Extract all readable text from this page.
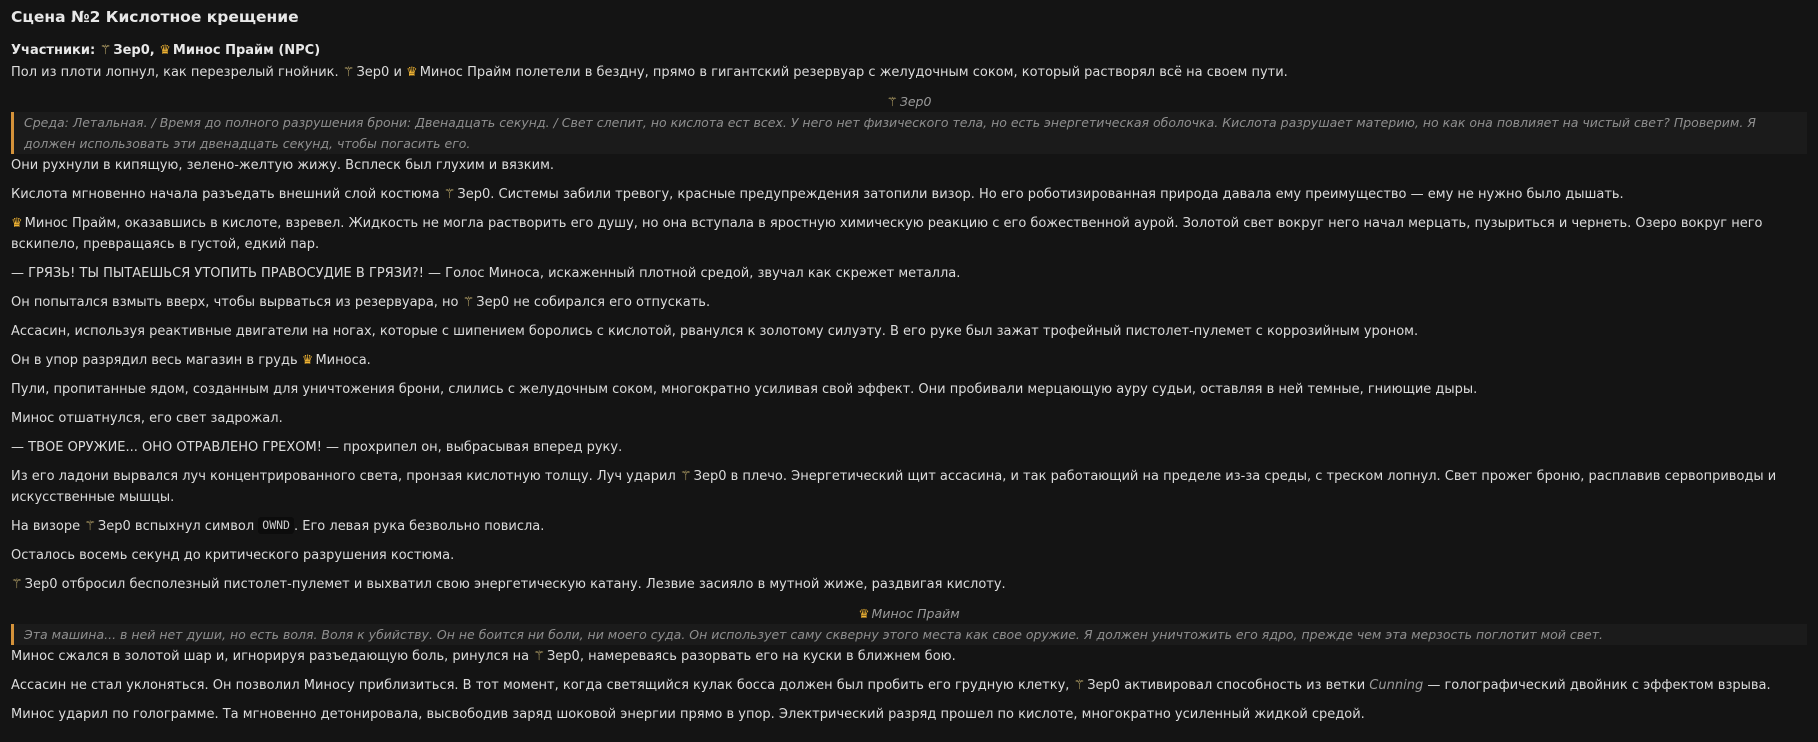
Сцена №2 Кислотное крещение
Участники: ⚚ Зер0, ♛ Минос Прайм (NPC)

Пол из плоти лопнул, как перезрелый гнойник. ⚚ Зер0 и ♛ Минос Прайм полетели в бездну, прямо в гигантский резервуар с желудочным соком, который растворял всё на своем пути.

⚚ Зер0
Среда: Летальная. / Время до полного разрушения брони: Двенадцать секунд. / Свет слепит, но кислота ест всех. У него нет физического тела, но есть энергетическая оболочка. Кислота разрушает материю, но как она повлияет на чистый свет? Проверим. Я должен использовать эти двенадцать секунд, чтобы погасить его.

Они рухнули в кипящую, зелено-желтую жижу. Всплеск был глухим и вязким.

Кислота мгновенно начала разъедать внешний слой костюма ⚚ Зер0. Системы забили тревогу, красные предупреждения затопили визор. Но его роботизированная природа давала ему преимущество — ему не нужно было дышать.

♛ Минос Прайм, оказавшись в кислоте, взревел. Жидкость не могла растворить его душу, но она вступала в яростную химическую реакцию с его божественной аурой. Золотой свет вокруг него начал мерцать, пузыриться и чернеть. Озеро вокруг него вскипело, превращаясь в густой, едкий пар.

— ГРЯЗЬ! ТЫ ПЫТАЕШЬСЯ УТОПИТЬ ПРАВОСУДИЕ В ГРЯЗИ?! — Голос Миноса, искаженный плотной средой, звучал как скрежет металла.

Он попытался взмыть вверх, чтобы вырваться из резервуара, но ⚚ Зер0 не собирался его отпускать.

Ассасин, используя реактивные двигатели на ногах, которые с шипением боролись с кислотой, рванулся к золотому силуэту. В его руке был зажат трофейный пистолет-пулемет с коррозийным уроном.

Он в упор разрядил весь магазин в грудь ♛ Миноса.

Пули, пропитанные ядом, созданным для уничтожения брони, слились с желудочным соком, многократно усиливая свой эффект. Они пробивали мерцающую ауру судьи, оставляя в ней темные, гниющие дыры.

Минос отшатнулся, его свет задрожал.

— ТВОЕ ОРУЖИЕ... ОНО ОТРАВЛЕНО ГРЕХОМ! — прохрипел он, выбрасывая вперед руку.

Из его ладони вырвался луч концентрированного света, пронзая кислотную толщу. Луч ударил ⚚ Зер0 в плечо. Энергетический щит ассасина, и так работающий на пределе из-за среды, с треском лопнул. Свет прожег броню, расплавив сервоприводы и искусственные мышцы.

На визоре ⚚ Зер0 вспыхнул символ OWND . Его левая рука безвольно повисла.

Осталось восемь секунд до критического разрушения костюма.

⚚ Зер0 отбросил бесполезный пистолет-пулемет и выхватил свою энергетическую катану. Лезвие засияло в мутной жиже, раздвигая кислоту.

♛ Минос Прайм
Эта машина... в ней нет души, но есть воля. Воля к убийству. Он не боится ни боли, ни моего суда. Он использует саму скверну этого места как свое оружие. Я должен уничтожить его ядро, прежде чем эта мерзость поглотит мой свет.

Минос сжался в золотой шар и, игнорируя разъедающую боль, ринулся на ⚚ Зер0, намереваясь разорвать его на куски в ближнем бою.

Ассасин не стал уклоняться. Он позволил Миносу приблизиться. В тот момент, когда светящийся кулак босса должен был пробить его грудную клетку, ⚚ Зер0 активировал способность из ветки Cunning — голографический двойник с эффектом взрыва.

Минос ударил по голограмме. Та мгновенно детонировала, высвободив заряд шоковой энергии прямо в упор. Электрический разряд прошел по кислоте, многократно усиленный жидкой средой.
